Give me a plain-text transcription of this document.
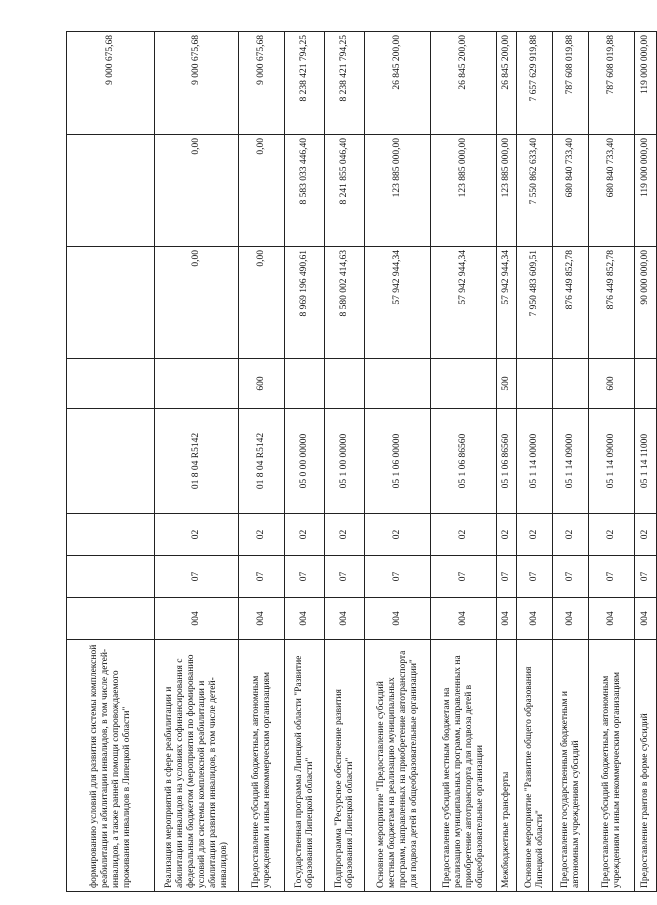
формированию условий для развития системы комплексной реабилитации и абилитации инвалидов, в том числе детей-инвалидов, а также ранней помощи сопровождаемого проживания инвалидов в Липецкой области"								9 000 675,68
Реализация мероприятий в сфере реабилитации и абилитации инвалидов на условиях софинансирования с федеральным бюджетом (мероприятия по формированию условий для системы комплексной реабилитации и абилитации развития инвалидов, в том числе детей-инвалидов)	004	07	02	01 8 04 R5142		0,00	0,00	9 000 675,68
Предоставление субсидий бюджетным, автономным учреждениям и иным некоммерческим организациям	004	07	02	01 8 04 R5142	600	0,00	0,00	9 000 675,68
Государственная программа Липецкой области "Развитие образования Липецкой области"	004	07	02	05 0 00 00000		8 969 196 490,61	8 583 033 446,40	8 238 421 794,25
Подпрограмма "Ресурсное обеспечение развития образования Липецкой области"	004	07	02	05 1 00 00000		8 580 002 414,63	8 241 855 046,40	8 238 421 794,25
Основное мероприятие "Предоставление субсидий местным бюджетам на реализацию муниципальных программ, направленных на приобретение автотранспорта для подвоза детей в общеобразовательные организации"	004	07	02	05 1 06 00000		57 942 944,34	123 885 000,00	26 845 200,00
Предоставление субсидий местным бюджетам на реализацию муниципальных программ, направленных на приобретение автотранспорта для подвоза детей в общеобразовательные организации	004	07	02	05 1 06 86560		57 942 944,34	123 885 000,00	26 845 200,00
Межбюджетные трансферты	004	07	02	05 1 06 86560	500	57 942 944,34	123 885 000,00	26 845 200,00
Основное мероприятие "Развитие общего образования Липецкой области"	004	07	02	05 1 14 00000		7 950 483 609,51	7 550 862 633,40	7 657 629 919,88
Предоставление государственным бюджетным и автономным учреждениям субсидий	004	07	02	05 1 14 09000		876 449 852,78	680 840 733,40	787 608 019,88
Предоставление субсидий бюджетным, автономным учреждениям и иным некоммерческим организациям	004	07	02	05 1 14 09000	600	876 449 852,78	680 840 733,40	787 608 019,88
Предоставление грантов в форме субсидий	004	07	02	05 1 14 11000		90 000 000,00	119 000 000,00	119 000 000,00
